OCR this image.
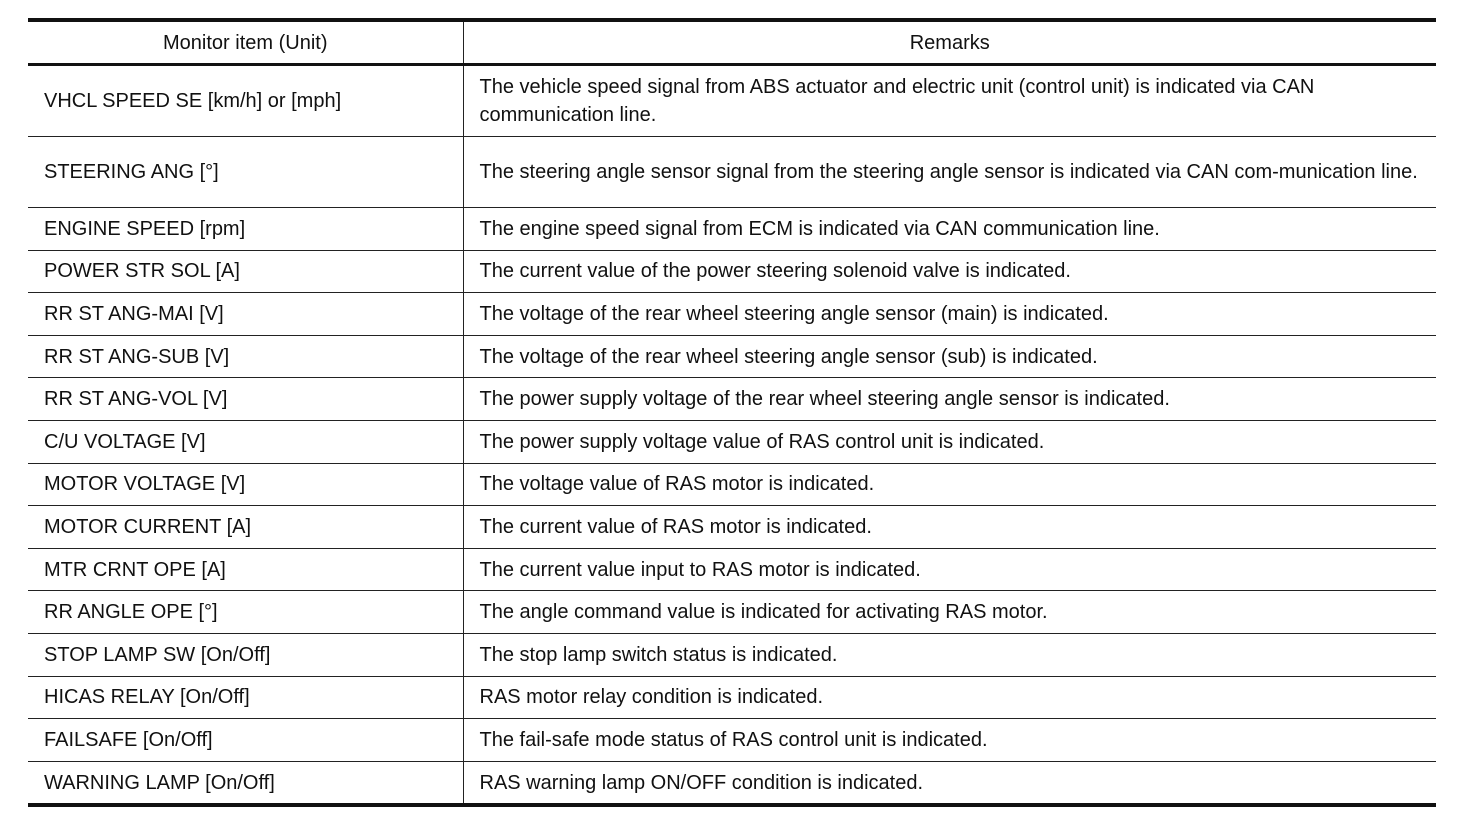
Monitor item (Unit)	Remarks
VHCL SPEED SE [km/h] or [mph]	The vehicle speed signal from ABS actuator and electric unit (control unit) is indicated via CAN communication line.
STEERING ANG [°]	The steering angle sensor signal from the steering angle sensor is indicated via CAN com-munication line.
ENGINE SPEED [rpm]	The engine speed signal from ECM is indicated via CAN communication line.
POWER STR SOL [A]	The current value of the power steering solenoid valve is indicated.
RR ST ANG-MAI [V]	The voltage of the rear wheel steering angle sensor (main) is indicated.
RR ST ANG-SUB [V]	The voltage of the rear wheel steering angle sensor (sub) is indicated.
RR ST ANG-VOL [V]	The power supply voltage of the rear wheel steering angle sensor is indicated.
C/U VOLTAGE [V]	The power supply voltage value of RAS control unit is indicated.
MOTOR VOLTAGE [V]	The voltage value of RAS motor is indicated.
MOTOR CURRENT [A]	The current value of RAS motor is indicated.
MTR CRNT OPE [A]	The current value input to RAS motor is indicated.
RR ANGLE OPE [°]	The angle command value is indicated for activating RAS motor.
STOP LAMP SW [On/Off]	The stop lamp switch status is indicated.
HICAS RELAY [On/Off]	RAS motor relay condition is indicated.
FAILSAFE [On/Off]	The fail-safe mode status of RAS control unit is indicated.
WARNING LAMP [On/Off]	RAS warning lamp ON/OFF condition is indicated.
